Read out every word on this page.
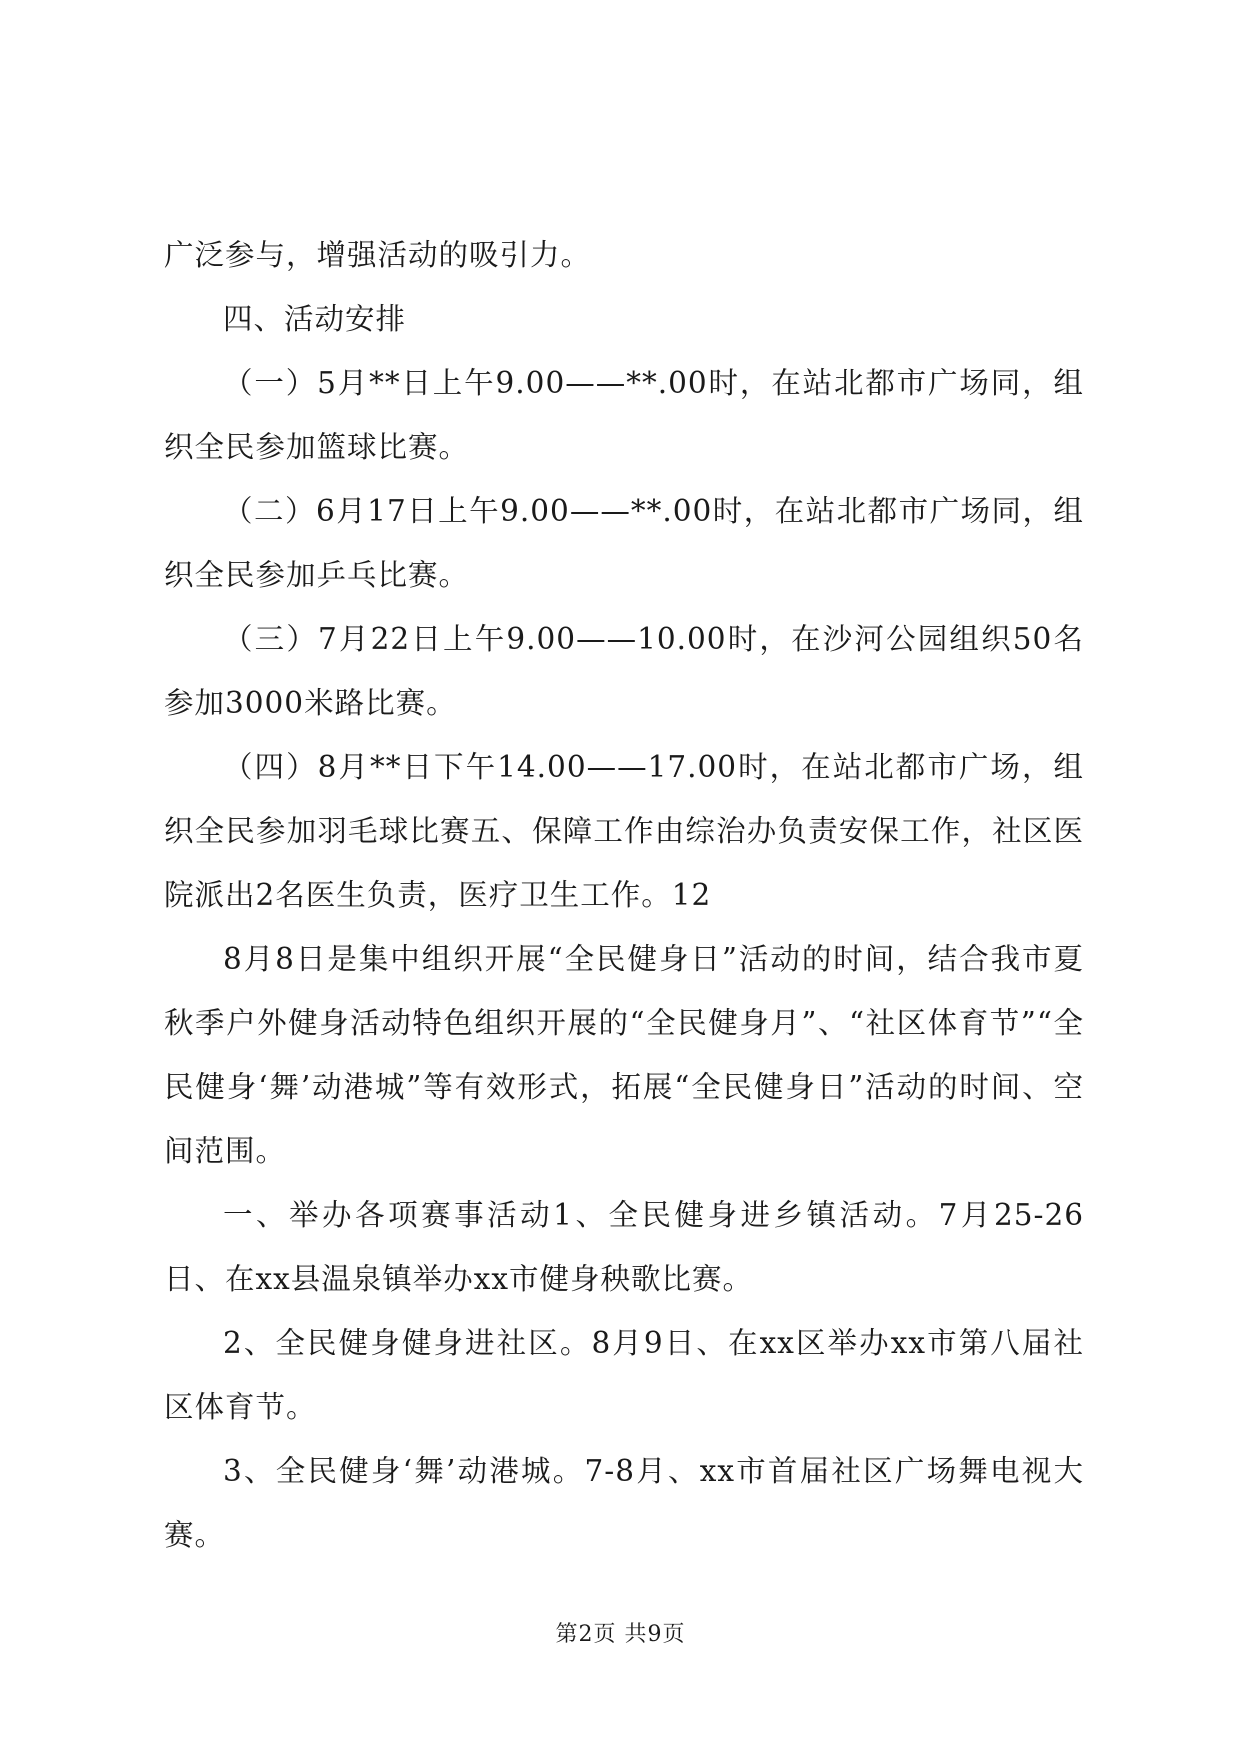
广泛参与，增强活动的吸引力。

四、活动安排

（一）5月**日上午9.00——**.00时，在站北都市广场同，组织全民参加篮球比赛。

（二）6月17日上午9.00——**.00时，在站北都市广场同，组织全民参加乒乓比赛。

（三）7月22日上午9.00——10.00时，在沙河公园组织50名参加3000米路比赛。

（四）8月**日下午14.00——17.00时，在站北都市广场，组织全民参加羽毛球比赛五、保障工作由综治办负责安保工作，社区医院派出2名医生负责，医疗卫生工作。12

8月8日是集中组织开展“全民健身日”活动的时间，结合我市夏秋季户外健身活动特色组织开展的“全民健身月”、“社区体育节”“全民健身‘舞’动港城”等有效形式，拓展“全民健身日”活动的时间、空间范围。

一、举办各项赛事活动1、全民健身进乡镇活动。7月25-26日、在xx县温泉镇举办xx市健身秧歌比赛。

2、全民健身健身进社区。8月9日、在xx区举办xx市第八届社区体育节。

3、全民健身‘舞’动港城。7-8月、xx市首届社区广场舞电视大赛。

第2页 共9页
